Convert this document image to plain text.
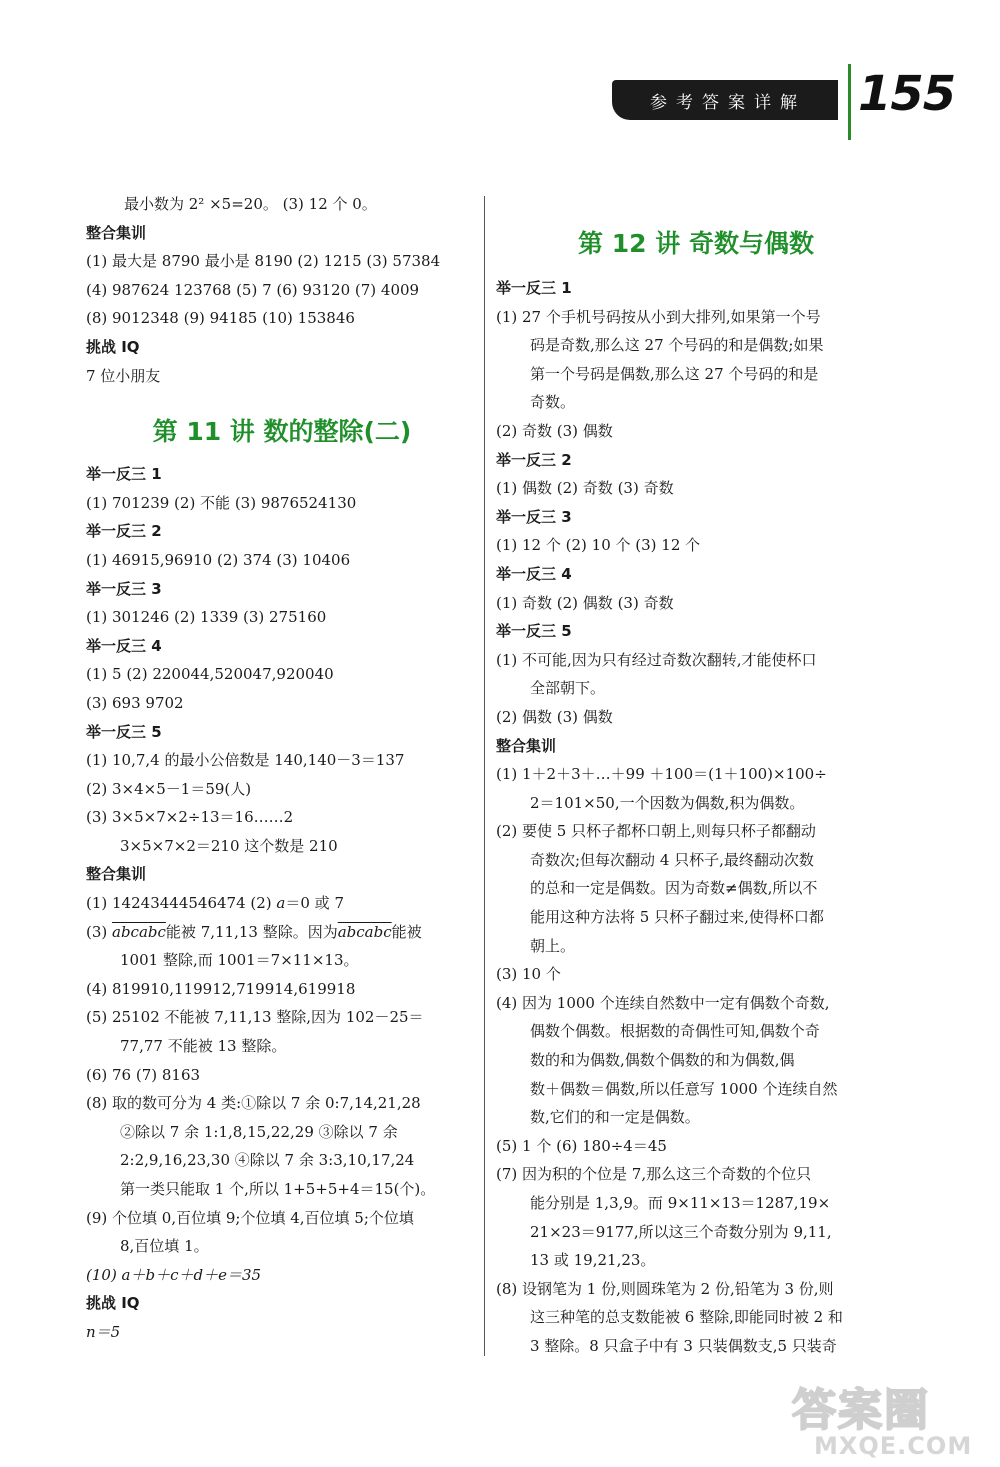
参考答案详解 155
最小数为 2² ×5=20。 (3) 12 个 0。
整合集训
(1) 最大是 8790 最小是 8190 (2) 1215 (3) 57384
(4) 987624 123768 (5) 7 (6) 93120 (7) 4009
(8) 9012348 (9) 94185 (10) 153846
挑战 IQ
7 位小朋友
第 11 讲 数的整除(二)
举一反三 1
(1) 701239 (2) 不能 (3) 9876524130
举一反三 2
(1) 46915,96910 (2) 374 (3) 10406
举一反三 3
(1) 301246 (2) 1339 (3) 275160
举一反三 4
(1) 5 (2) 220044,520047,920040
(3) 693 9702
举一反三 5
(1) 10,7,4 的最小公倍数是 140,140－3＝137
(2) 3×4×5－1＝59(人)
(3) 3×5×7×2÷13＝16……2
3×5×7×2＝210 这个数是 210
整合集训
(1) 14243444546474 (2) a＝0 或 7
(3) abcabc能被 7,11,13 整除。因为abcabc能被
1001 整除,而 1001＝7×11×13。
(4) 819910,119912,719914,619918
(5) 25102 不能被 7,11,13 整除,因为 102－25＝
77,77 不能被 13 整除。
(6) 76 (7) 8163
(8) 取的数可分为 4 类:①除以 7 余 0:7,14,21,28
②除以 7 余 1:1,8,15,22,29 ③除以 7 余
2:2,9,16,23,30 ④除以 7 余 3:3,10,17,24
第一类只能取 1 个,所以 1+5+5+4＝15(个)。
(9) 个位填 0,百位填 9;个位填 4,百位填 5;个位填
8,百位填 1。
(10) a＋b＋c＋d＋e＝35
挑战 IQ
n＝5
第 12 讲 奇数与偶数
举一反三 1
(1) 27 个手机号码按从小到大排列,如果第一个号
码是奇数,那么这 27 个号码的和是偶数;如果
第一个号码是偶数,那么这 27 个号码的和是
奇数。
(2) 奇数 (3) 偶数
举一反三 2
(1) 偶数 (2) 奇数 (3) 奇数
举一反三 3
(1) 12 个 (2) 10 个 (3) 12 个
举一反三 4
(1) 奇数 (2) 偶数 (3) 奇数
举一反三 5
(1) 不可能,因为只有经过奇数次翻转,才能使杯口
全部朝下。
(2) 偶数 (3) 偶数
整合集训
(1) 1＋2＋3＋…＋99 ＋100＝(1＋100)×100÷
2＝101×50,一个因数为偶数,积为偶数。
(2) 要使 5 只杯子都杯口朝上,则每只杯子都翻动
奇数次;但每次翻动 4 只杯子,最终翻动次数
的总和一定是偶数。因为奇数≠偶数,所以不
能用这种方法将 5 只杯子翻过来,使得杯口都
朝上。
(3) 10 个
(4) 因为 1000 个连续自然数中一定有偶数个奇数,
偶数个偶数。根据数的奇偶性可知,偶数个奇
数的和为偶数,偶数个偶数的和为偶数,偶
数＋偶数＝偶数,所以任意写 1000 个连续自然
数,它们的和一定是偶数。
(5) 1 个 (6) 180÷4＝45
(7) 因为积的个位是 7,那么这三个奇数的个位只
能分别是 1,3,9。而 9×11×13＝1287,19×
21×23＝9177,所以这三个奇数分别为 9,11,
13 或 19,21,23。
(8) 设钢笔为 1 份,则圆珠笔为 2 份,铅笔为 3 份,则
这三种笔的总支数能被 6 整除,即能同时被 2 和
3 整除。8 只盒子中有 3 只装偶数支,5 只装奇
答案圈
MXQE.COM
